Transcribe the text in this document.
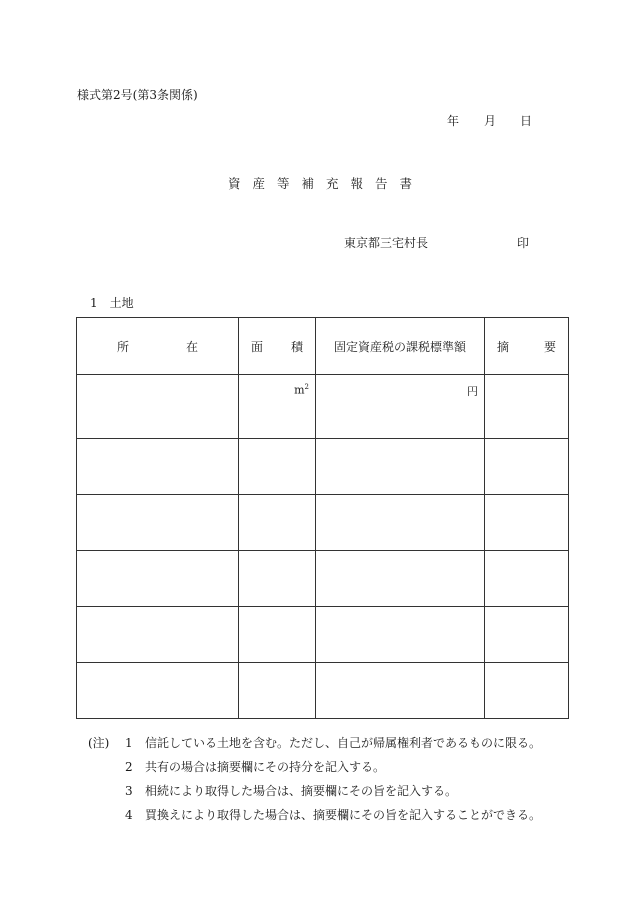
様式第2号(第3条関係)
年 月 日
資産等補充報告書
東京都三宅村長	印
1　土地
所 在	面 積	固定資産税の課税標準額	摘 要

	$m^2$	円	

(注)	1	信託している土地を含む。ただし、自己が帰属権利者であるものに限る。
2	共有の場合は摘要欄にその持分を記入する。
3	相続により取得した場合は、摘要欄にその旨を記入する。
4	買換えにより取得した場合は、摘要欄にその旨を記入することができる。
